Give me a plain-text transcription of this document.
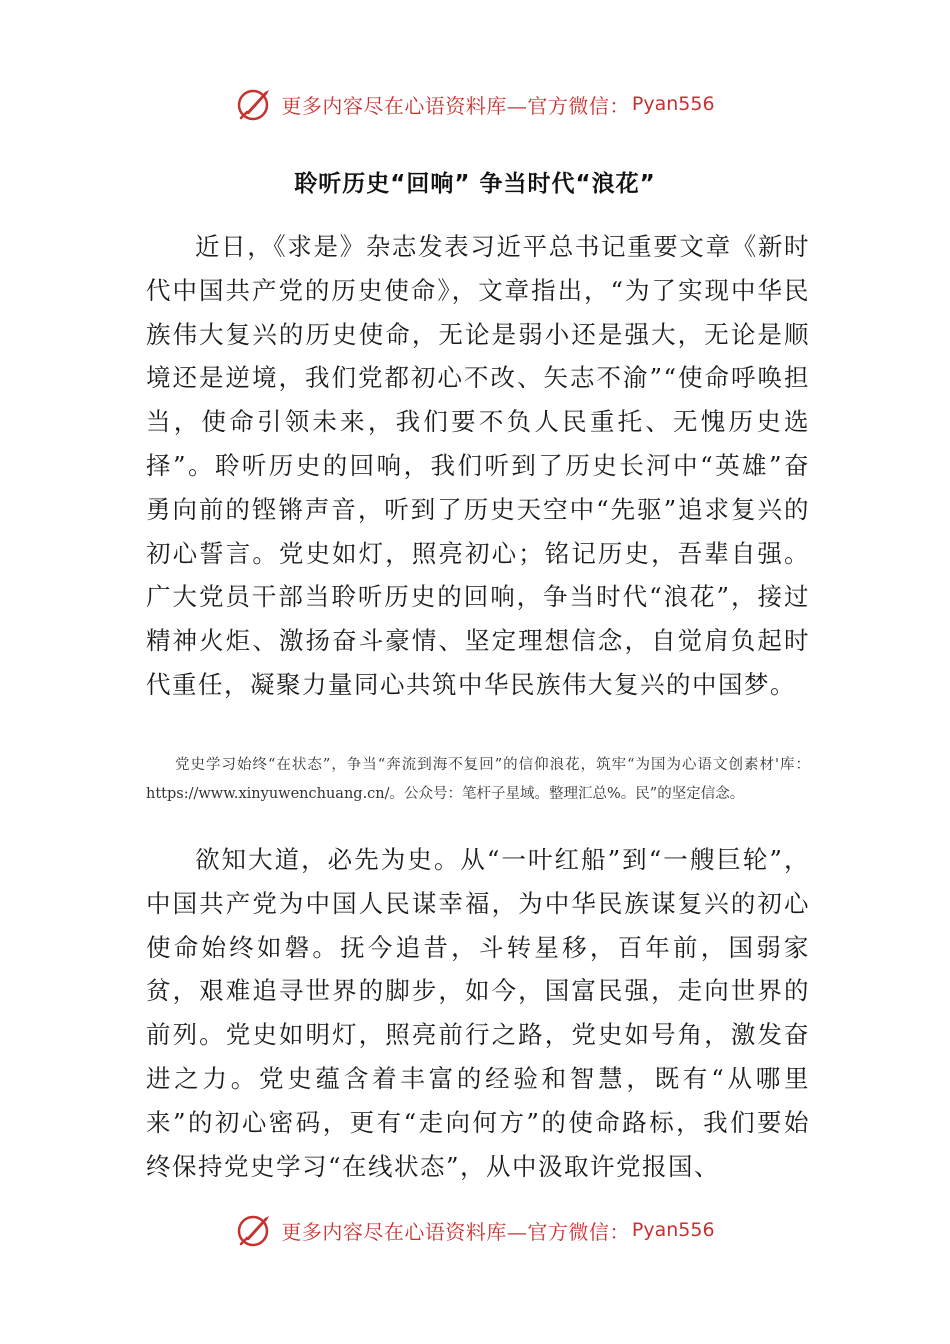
更多内容尽在心语资料库—官方微信： Pyan556
聆听历史“回响” 争当时代“浪花”

近日，《求是》杂志发表习近平总书记重要文章《新时代中国共产党的历史使命》，文章指出，“为了实现中华民族伟大复兴的历史使命，无论是弱小还是强大，无论是顺境还是逆境，我们党都初心不改、矢志不渝”“使命呼唤担当，使命引领未来，我们要不负人民重托、无愧历史选择”。聆听历史的回响，我们听到了历史长河中“英雄”奋勇向前的铿锵声音，听到了历史天空中“先驱”追求复兴的初心誓言。党史如灯，照亮初心；铭记历史，吾辈自强。广大党员干部当聆听历史的回响，争当时代“浪花”，接过精神火炬、激扬奋斗豪情、坚定理想信念，自觉肩负起时代重任，凝聚力量同心共筑中华民族伟大复兴的中国梦。

党史学习始终“在状态”，争当“奔流到海不复回”的信仰浪花，筑牢“为国为心语文创素材'库：https://www.xinyuwenchuang.cn/。公众号：笔杆子星域。整理汇总%。民”的坚定信念。

欲知大道，必先为史。从“一叶红船”到“一艘巨轮”，中国共产党为中国人民谋幸福，为中华民族谋复兴的初心使命始终如磐。抚今追昔，斗转星移，百年前，国弱家贫，艰难追寻世界的脚步，如今，国富民强，走向世界的前列。党史如明灯，照亮前行之路，党史如号角，激发奋进之力。党史蕴含着丰富的经验和智慧，既有“从哪里来”的初心密码，更有“走向何方”的使命路标，我们要始终保持党史学习“在线状态”，从中汲取许党报国、

更多内容尽在心语资料库—官方微信： Pyan556
